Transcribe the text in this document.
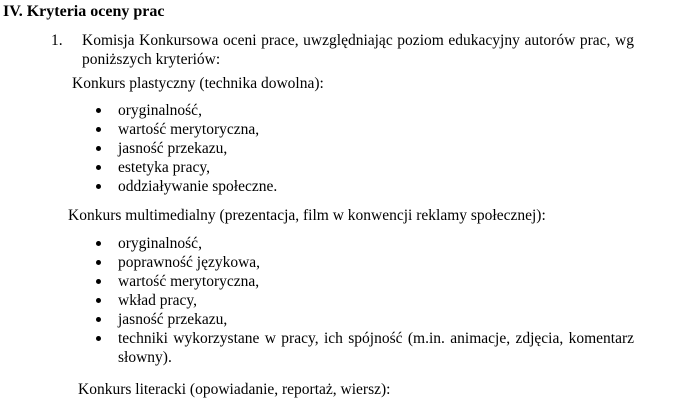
IV. Kryteria oceny prac
1. Komisja Konkursowa oceni prace, uwzględniając poziom edukacyjny autorów prac, wg poniższych kryteriów:
Konkurs plastyczny (technika dowolna):
oryginalność,
wartość merytoryczna,
jasność przekazu,
estetyka pracy,
oddziaływanie społeczne.
Konkurs multimedialny (prezentacja, film w konwencji reklamy społecznej):
oryginalność,
poprawność językowa,
wartość merytoryczna,
wkład pracy,
jasność przekazu,
techniki wykorzystane w pracy, ich spójność (m.in. animacje, zdjęcia, komentarz słowny).
Konkurs literacki (opowiadanie, reportaż, wiersz):
